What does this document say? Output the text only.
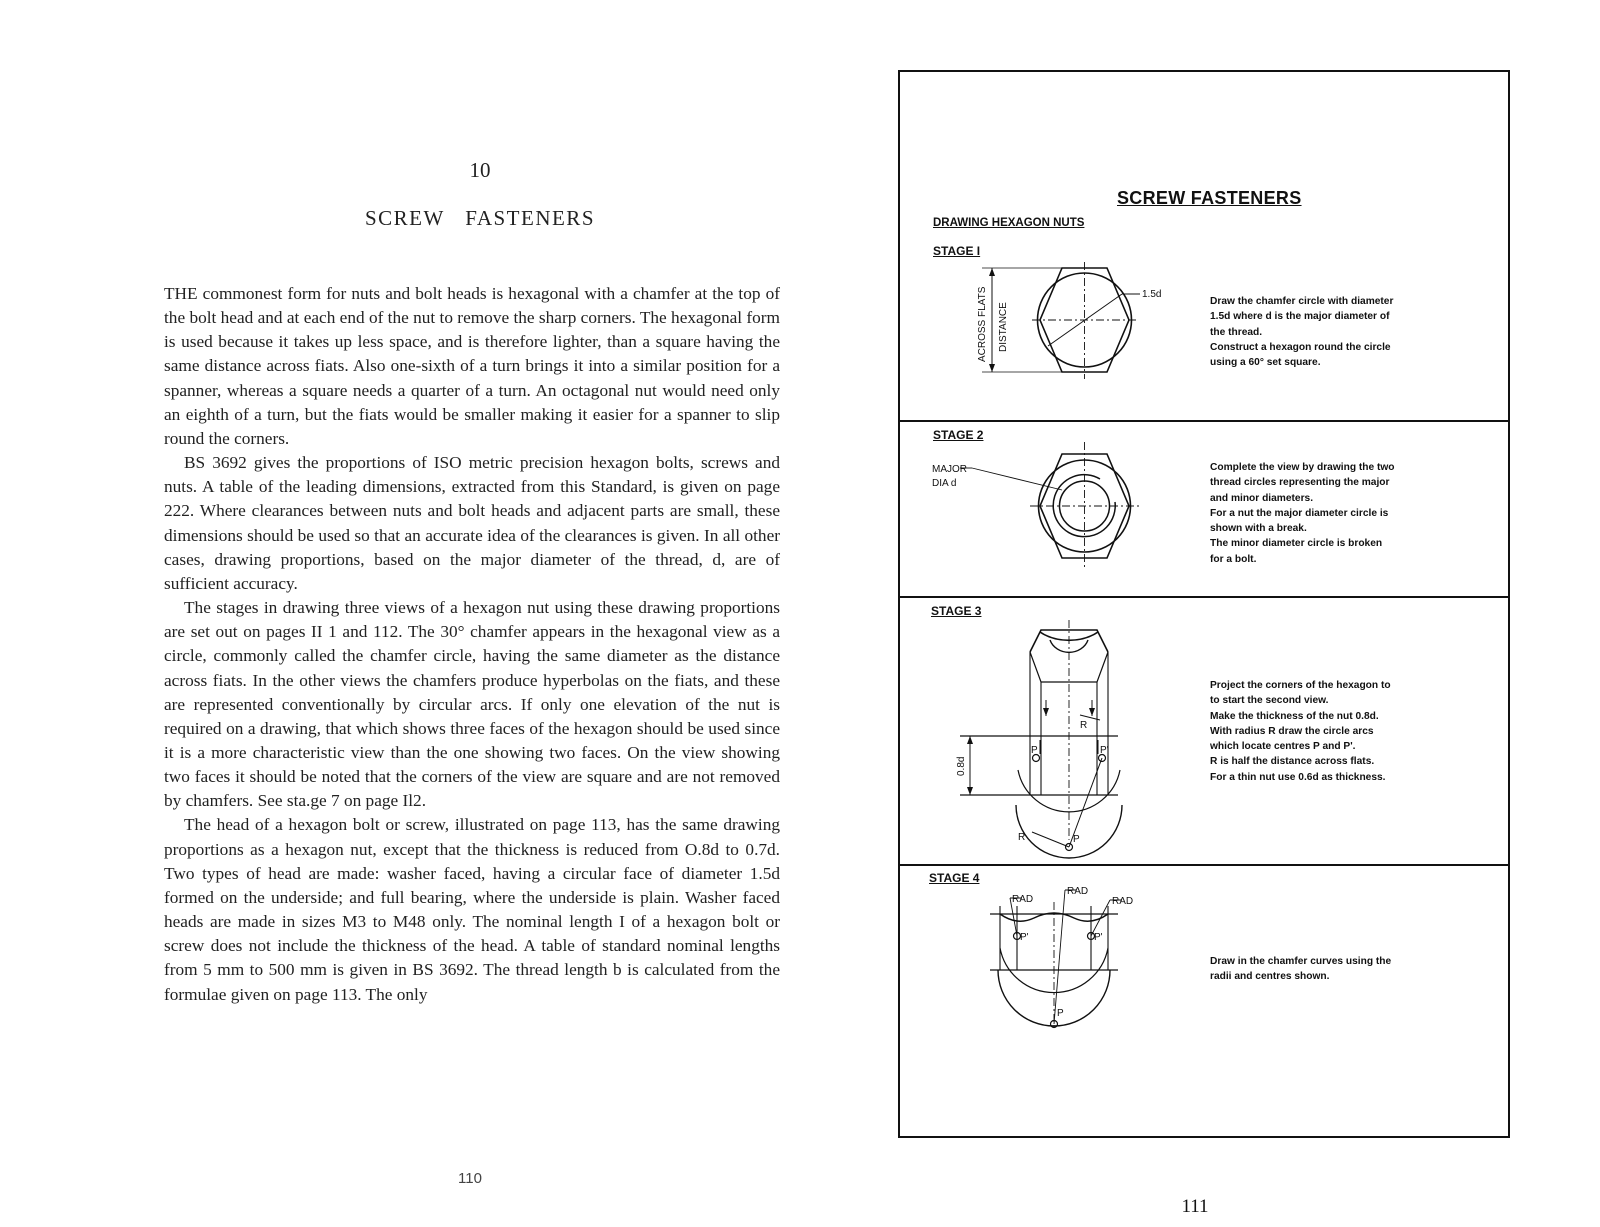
10
SCREW FASTENERS

THE commonest form for nuts and bolt heads is hexagonal with a chamfer at the top of the bolt head and at each end of the nut to remove the sharp corners. The hexagonal form is used because it takes up less space, and is therefore lighter, than a square having the same distance across fiats. Also one-sixth of a turn brings it into a similar position for a spanner, whereas a square needs a quarter of a turn. An octagonal nut would need only an eighth of a turn, but the fiats would be smaller making it easier for a spanner to slip round the corners.

BS 3692 gives the proportions of ISO metric precision hexagon bolts, screws and nuts. A table of the leading dimensions, extracted from this Standard, is given on page 222. Where clearances between nuts and bolt heads and adjacent parts are small, these dimensions should be used so that an accurate idea of the clearances is given. In all other cases, drawing proportions, based on the major diameter of the thread, d, are of sufficient accuracy.

The stages in drawing three views of a hexagon nut using these drawing proportions are set out on pages II 1 and 112. The 30° chamfer appears in the hexagonal view as a circle, commonly called the chamfer circle, having the same diameter as the distance across fiats. In the other views the chamfers produce hyperbolas on the fiats, and these are represented conventionally by circular arcs. If only one elevation of the nut is required on a drawing, that which shows three faces of the hexagon should be used since it is a more characteristic view than the one showing two faces. On the view showing two faces it should be noted that the corners of the view are square and are not removed by chamfers. See sta.ge 7 on page Il2.

The head of a hexagon bolt or screw, illustrated on page 113, has the same drawing proportions as a hexagon nut, except that the thickness is reduced from O.8d to 0.7d. Two types of head are made: washer faced, having a circular face of diameter 1.5d formed on the underside; and full bearing, where the underside is plain. Washer faced heads are made in sizes M3 to M48 only. The nominal length I of a hexagon bolt or screw does not include the thickness of the head. A table of standard nominal lengths from 5 mm to 500 mm is given in BS 3692. The thread length b is calculated from the formulae given on page 113. The only

110
SCREW FASTENERS
DRAWING HEXAGON NUTS
STAGE I
ACROSS FLATS DISTANCE
1.5d
Draw the chamfer circle with diameter
1.5d where d is the major diameter of
the thread.
Construct a hexagon round the circle
using a 60° set square.
STAGE 2
MAJOR
DIA d
Complete the view by drawing the two
thread circles representing the major
and minor diameters.
For a nut the major diameter circle is
shown with a break.
The minor diameter circle is broken
for a bolt.
STAGE 3
R
0.8d
P	P'
P
R
Project the corners of the hexagon to
to start the second view.
Make the thickness of the nut 0.8d.
With radius R draw the circle arcs
which locate centres P and P'.
R is half the distance across flats.
For a thin nut use 0.6d as thickness.
STAGE 4
RAD
RAD
RAD
P'	P'
P
Draw in the chamfer curves using the
radii and centres shown.
111
